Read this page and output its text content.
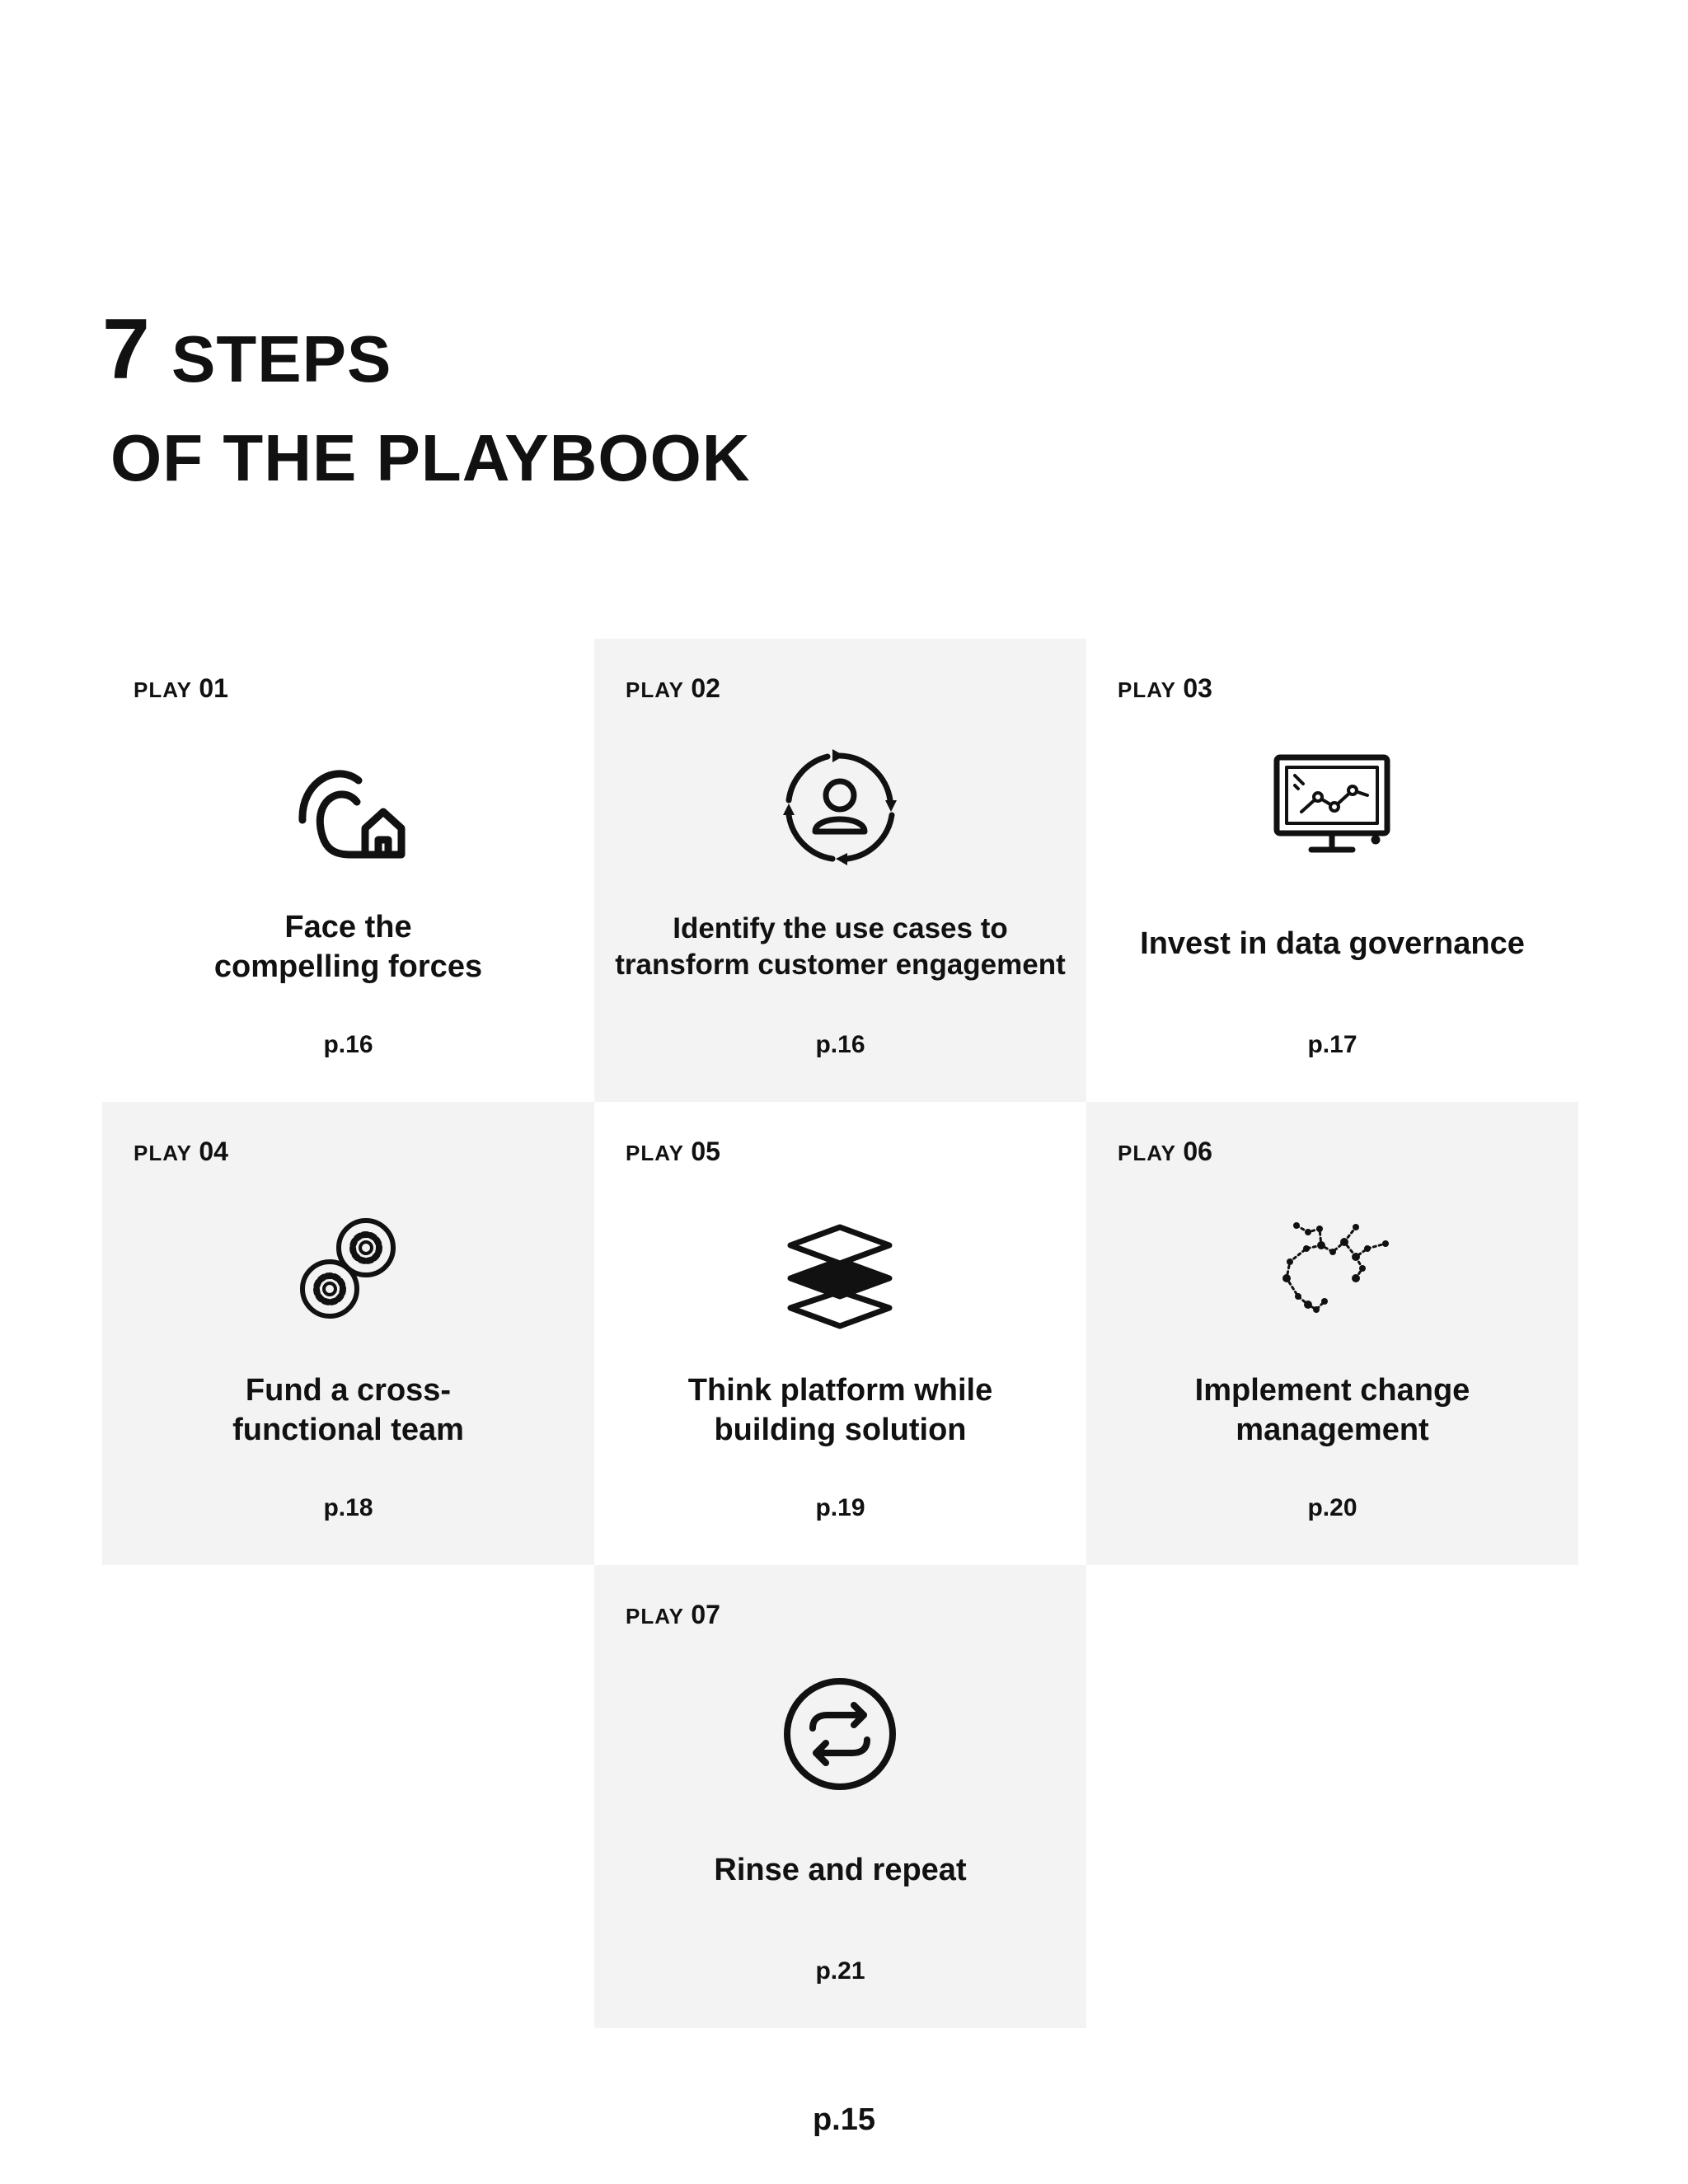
7 STEPS
OF THE PLAYBOOK
PLAY 01
Face the
compelling forces
p.16
PLAY 02
Identify the use cases to
transform customer engagement
p.16
PLAY 03
Invest in data governance
p.17
PLAY 04
Fund a cross-
functional team
p.18
PLAY 05
Think platform while
building solution
p.19
PLAY 06
Implement change
management
p.20
PLAY 07
Rinse and repeat
p.21
p.15
